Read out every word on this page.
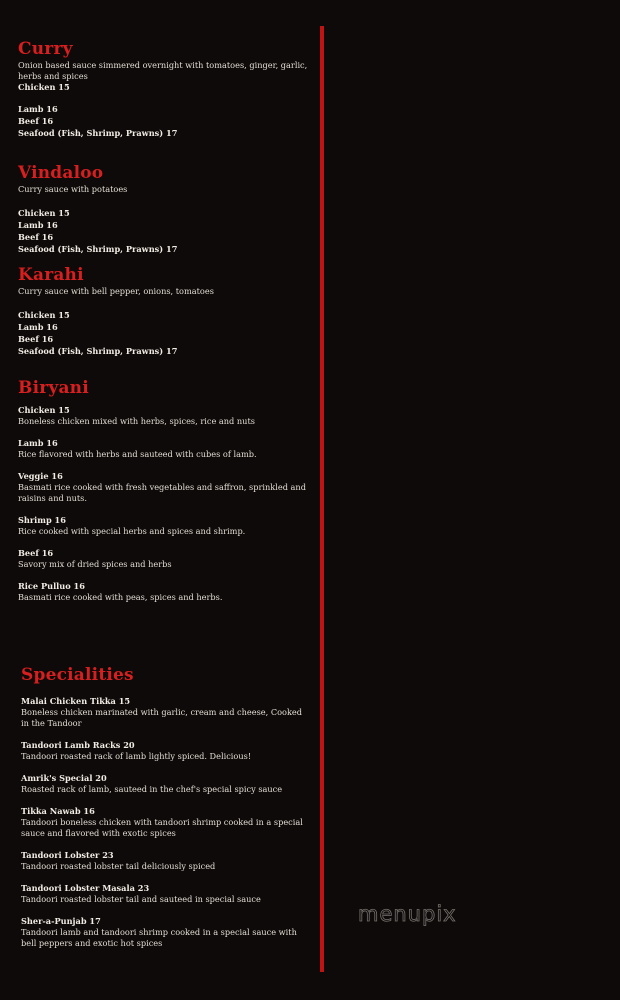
Curry
Onion based sauce simmered overnight with tomatoes, ginger, garlic, herbs and spices
Chicken 15
Lamb 16
Beef 16
Seafood (Fish, Shrimp, Prawns) 17
Vindaloo
Curry sauce with potatoes
Chicken 15
Lamb 16
Beef 16
Seafood (Fish, Shrimp, Prawns) 17
Karahi
Curry sauce with bell pepper, onions, tomatoes
Chicken 15
Lamb 16
Beef 16
Seafood (Fish, Shrimp, Prawns) 17
Biryani
Chicken 15
Boneless chicken mixed with herbs, spices, rice and nuts
Lamb 16
Rice flavored with herbs and sauteed with cubes of lamb.
Veggie 16
Basmati rice cooked with fresh vegetables and saffron, sprinkled and raisins and nuts.
Shrimp 16
Rice cooked with special herbs and spices and shrimp.
Beef 16
Savory mix of dried spices and herbs
Rice Pulluo 16
Basmati rice cooked with peas, spices and herbs.
Specialities
Malai Chicken Tikka 15
Boneless chicken marinated with garlic, cream and cheese, Cooked in the Tandoor
Tandoori Lamb Racks 20
Tandoori roasted rack of lamb lightly spiced. Delicious!
Amrik's Special 20
Roasted rack of lamb, sauteed in the chef's special spicy sauce
Tikka Nawab 16
Tandoori boneless chicken with tandoori shrimp cooked in a special sauce and flavored with exotic spices
Tandoori Lobster 23
Tandoori roasted lobster tail deliciously spiced
Tandoori Lobster Masala 23
Tandoori roasted lobster tail and sauteed in special sauce
Sher-a-Punjab 17
Tandoori lamb and tandoori shrimp cooked in a special sauce with bell peppers and exotic hot spices
menupix
